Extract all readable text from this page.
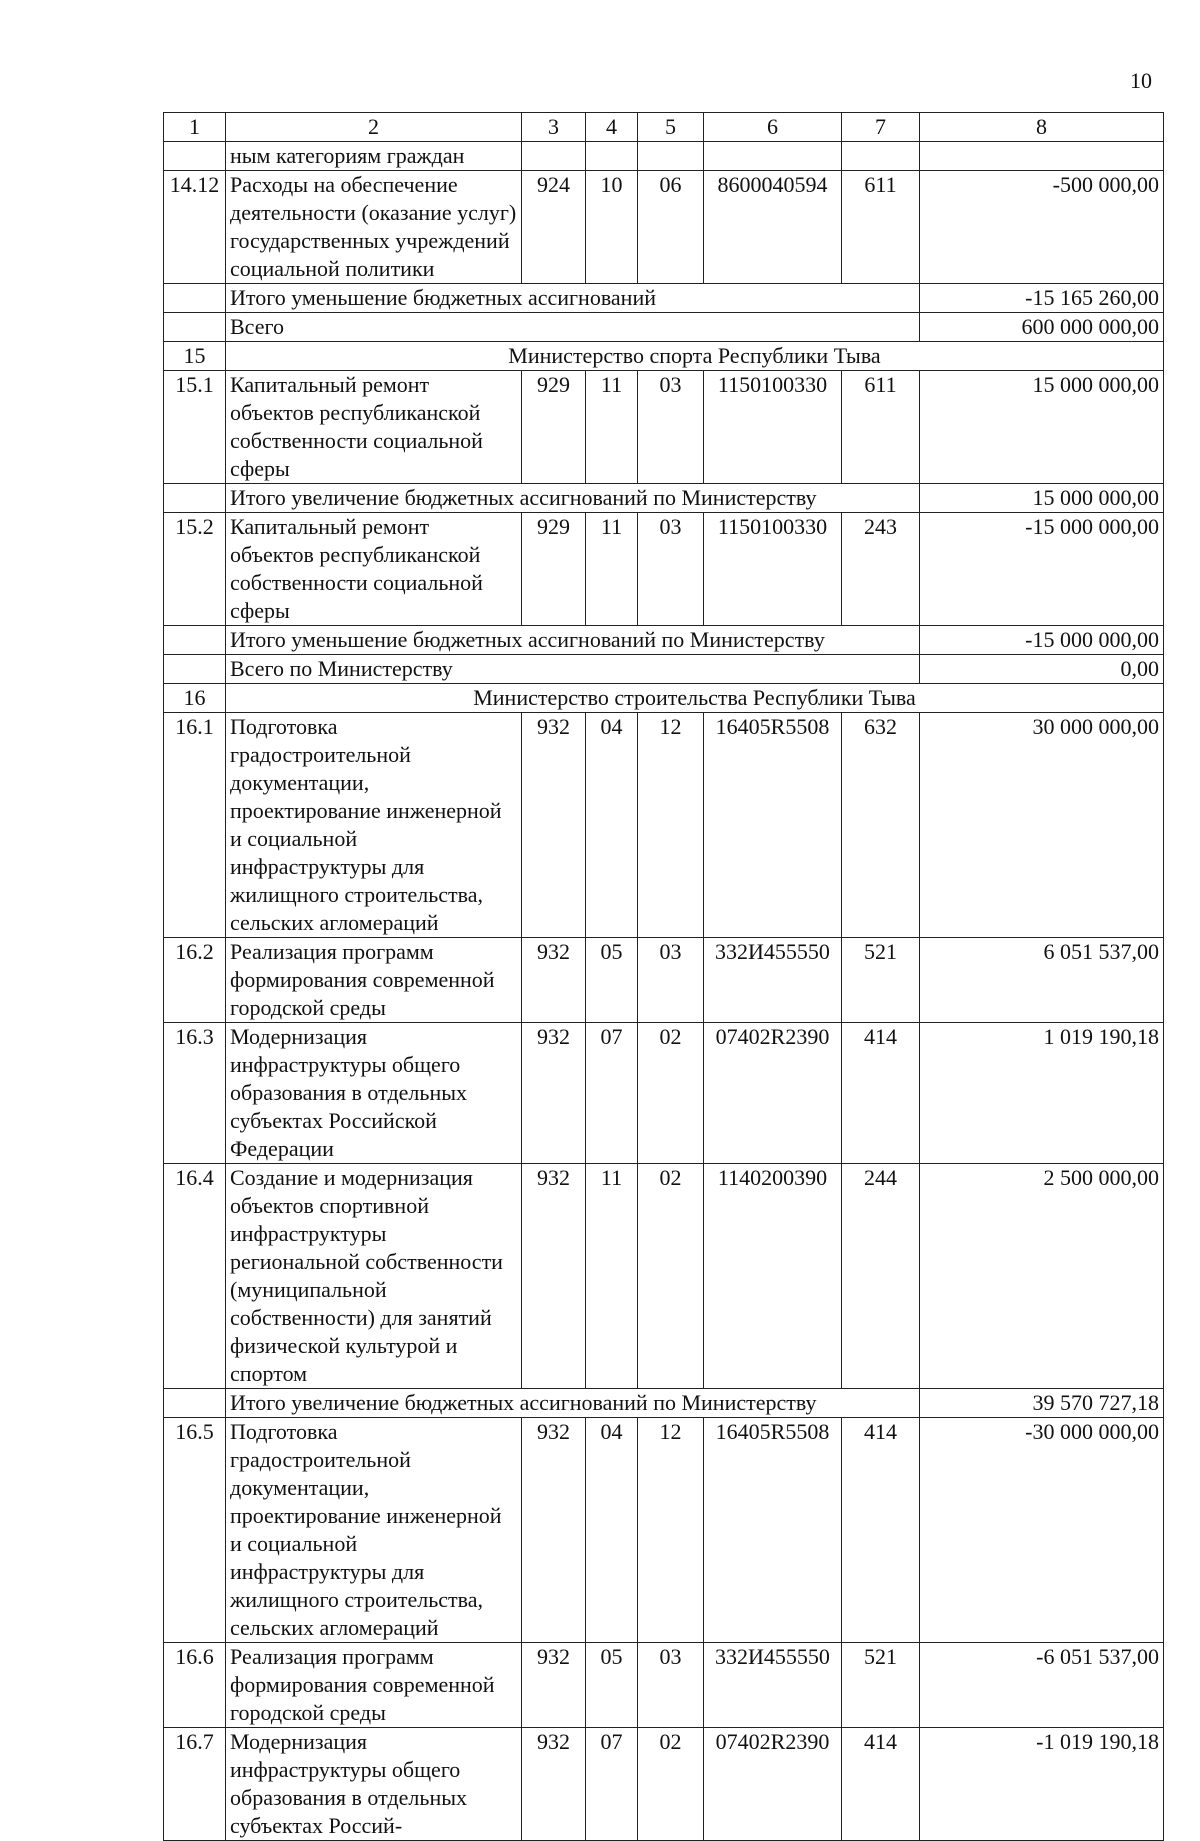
10
1	2	3	4	5	6	7	8
	ным категориям граждан						
14.12	Расходы на обеспечение деятельности (оказание услуг) государственных учреждений социальной политики	924	10	06	8600040594	611	-500 000,00
	Итого уменьшение бюджетных ассигнований						-15 165 260,00
	Всего						600 000 000,00
15	Министерство спорта Республики Тыва						
15.1	Капитальный ремонт объектов республиканской собственности социальной сферы	929	11	03	1150100330	611	15 000 000,00
	Итого увеличение бюджетных ассигнований по Министерству						15 000 000,00
15.2	Капитальный ремонт объектов республиканской собственности социальной сферы	929	11	03	1150100330	243	-15 000 000,00
	Итого уменьшение бюджетных ассигнований по Министерству						-15 000 000,00
	Всего по Министерству						0,00
16	Министерство строительства Республики Тыва						
16.1	Подготовка градостроительной документации, проектирование инженерной и социальной инфраструктуры для жилищного строительства, сельских агломераций	932	04	12	16405R5508	632	30 000 000,00
16.2	Реализация программ формирования современной городской среды	932	05	03	332И455550	521	6 051 537,00
16.3	Модернизация инфраструктуры общего образования в отдельных субъектах Российской Федерации	932	07	02	07402R2390	414	1 019 190,18
16.4	Создание и модернизация объектов спортивной инфраструктуры региональной собственности (муниципальной собственности) для занятий физической культурой и спортом	932	11	02	1140200390	244	2 500 000,00
	Итого увеличение бюджетных ассигнований по Министерству						39 570 727,18
16.5	Подготовка градостроительной документации, проектирование инженерной и социальной инфраструктуры для жилищного строительства, сельских агломераций	932	04	12	16405R5508	414	-30 000 000,00
16.6	Реализация программ формирования современной городской среды	932	05	03	332И455550	521	-6 051 537,00
16.7	Модернизация инфраструктуры общего образования в отдельных субъектах Россий-	932	07	02	07402R2390	414	-1 019 190,18
